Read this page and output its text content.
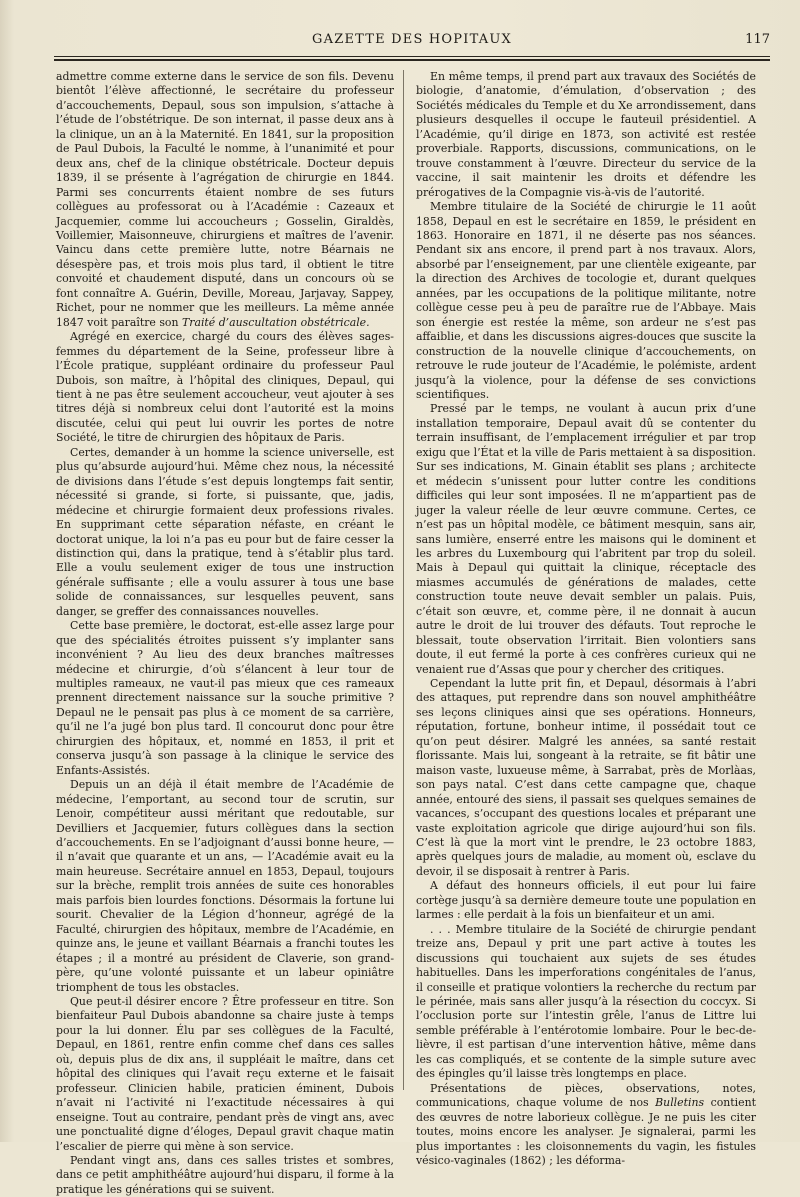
GAZETTE DES HOPITAUX	117

admettre comme externe dans le service de son fils. Devenu bientôt l’élève affectionné, le secrétaire du professeur d’accouchements, Depaul, sous son impulsion, s’attache à l’étude de l’obstétrique. De son internat, il passe deux ans à la clinique, un an à la Maternité. En 1841, sur la proposition de Paul Dubois, la Faculté le nomme, à l’unanimité et pour deux ans, chef de la clinique obstétricale. Docteur depuis 1839, il se présente à l’agrégation de chirurgie en 1844. Parmi ses concurrents étaient nombre de ses futurs collègues au professorat ou à l’Académie : Cazeaux et Jacquemier, comme lui accoucheurs ; Gosselin, Giraldès, Voillemier, Maisonneuve, chirurgiens et maîtres de l’avenir. Vaincu dans cette première lutte, notre Béarnais ne désespère pas, et trois mois plus tard, il obtient le titre convoité et chaudement disputé, dans un concours où se font connaître A. Guérin, Deville, Moreau, Jarjavay, Sappey, Richet, pour ne nommer que les meilleurs. La même année 1847 voit paraître son Traité d’auscultation obstétricale.

Agrégé en exercice, chargé du cours des élèves sages-femmes du département de la Seine, professeur libre à l’École pratique, suppléant ordinaire du professeur Paul Dubois, son maître, à l’hôpital des cliniques, Depaul, qui tient à ne pas être seulement accoucheur, veut ajouter à ses titres déjà si nombreux celui dont l’autorité est la moins discutée, celui qui peut lui ouvrir les portes de notre Société, le titre de chirurgien des hôpitaux de Paris.

Certes, demander à un homme la science universelle, est plus qu’absurde aujourd’hui. Même chez nous, la nécessité de divisions dans l’étude s’est depuis longtemps fait sentir, nécessité si grande, si forte, si puissante, que, jadis, médecine et chirurgie formaient deux professions rivales. En supprimant cette séparation néfaste, en créant le doctorat unique, la loi n’a pas eu pour but de faire cesser la distinction qui, dans la pratique, tend à s’établir plus tard. Elle a voulu seulement exiger de tous une instruction générale suffisante ; elle a voulu assurer à tous une base solide de connaissances, sur lesquelles peuvent, sans danger, se greffer des connaissances nouvelles.

Cette base première, le doctorat, est-elle assez large pour que des spécialités étroites puissent s’y implanter sans inconvénient ? Au lieu des deux branches maîtresses médecine et chirurgie, d’où s’élancent à leur tour de multiples rameaux, ne vaut-il pas mieux que ces rameaux prennent directement naissance sur la souche primitive ? Depaul ne le pensait pas plus à ce moment de sa carrière, qu’il ne l’a jugé bon plus tard. Il concourut donc pour être chirurgien des hôpitaux, et, nommé en 1853, il prit et conserva jusqu’à son passage à la clinique le service des Enfants-Assistés.

Depuis un an déjà il était membre de l’Académie de médecine, l’emportant, au second tour de scrutin, sur Lenoir, compétiteur aussi méritant que redoutable, sur Devilliers et Jacquemier, futurs collègues dans la section d’accouchements. En se l’adjoignant d’aussi bonne heure, — il n’avait que quarante et un ans, — l’Académie avait eu la main heureuse. Secrétaire annuel en 1853, Depaul, toujours sur la brèche, remplit trois années de suite ces honorables mais parfois bien lourdes fonctions. Désormais la fortune lui sourit. Chevalier de la Légion d’honneur, agrégé de la Faculté, chirurgien des hôpitaux, membre de l’Académie, en quinze ans, le jeune et vaillant Béarnais a franchi toutes les étapes ; il a montré au président de Claverie, son grand-père, qu’une volonté puissante et un labeur opiniâtre triomphent de tous les obstacles.

Que peut-il désirer encore ? Être professeur en titre. Son bienfaiteur Paul Dubois abandonne sa chaire juste à temps pour la lui donner. Élu par ses collègues de la Faculté, Depaul, en 1861, rentre enfin comme chef dans ces salles où, depuis plus de dix ans, il suppléait le maître, dans cet hôpital des cliniques qui l’avait reçu externe et le faisait professeur. Clinicien habile, praticien éminent, Dubois n’avait ni l’activité ni l’exactitude nécessaires à qui enseigne. Tout au contraire, pendant près de vingt ans, avec une ponctualité digne d’éloges, Depaul gravit chaque matin l’escalier de pierre qui mène à son service.

Pendant vingt ans, dans ces salles tristes et sombres, dans ce petit amphithéâtre aujourd’hui disparu, il forme à la pratique les générations qui se suivent.

En même temps, il prend part aux travaux des Sociétés de biologie, d’anatomie, d’émulation, d’observation ; des Sociétés médicales du Temple et du Xe arrondissement, dans plusieurs desquelles il occupe le fauteuil présidentiel. A l’Académie, qu’il dirige en 1873, son activité est restée proverbiale. Rapports, discussions, communications, on le trouve constamment à l’œuvre. Directeur du service de la vaccine, il sait maintenir les droits et défendre les prérogatives de la Compagnie vis-à-vis de l’autorité.

Membre titulaire de la Société de chirurgie le 11 août 1858, Depaul en est le secrétaire en 1859, le président en 1863. Honoraire en 1871, il ne déserte pas nos séances. Pendant six ans encore, il prend part à nos travaux. Alors, absorbé par l’enseignement, par une clientèle exigeante, par la direction des Archives de tocologie et, durant quelques années, par les occupations de la politique militante, notre collègue cesse peu à peu de paraître rue de l’Abbaye. Mais son énergie est restée la même, son ardeur ne s’est pas affaiblie, et dans les discussions aigres-douces que suscite la construction de la nouvelle clinique d’accouchements, on retrouve le rude jouteur de l’Académie, le polémiste, ardent jusqu’à la violence, pour la défense de ses convictions scientifiques.

Pressé par le temps, ne voulant à aucun prix d’une installation temporaire, Depaul avait dû se contenter du terrain insuffisant, de l’emplacement irrégulier et par trop exigu que l’État et la ville de Paris mettaient à sa disposition. Sur ses indications, M. Ginain établit ses plans ; architecte et médecin s’unissent pour lutter contre les conditions difficiles qui leur sont imposées. Il ne m’appartient pas de juger la valeur réelle de leur œuvre commune. Certes, ce n’est pas un hôpital modèle, ce bâtiment mesquin, sans air, sans lumière, enserré entre les maisons qui le dominent et les arbres du Luxembourg qui l’abritent par trop du soleil. Mais à Depaul qui quittait la clinique, réceptacle des miasmes accumulés de générations de malades, cette construction toute neuve devait sembler un palais. Puis, c’était son œuvre, et, comme père, il ne donnait à aucun autre le droit de lui trouver des défauts. Tout reproche le blessait, toute observation l’irritait. Bien volontiers sans doute, il eut fermé la porte à ces confrères curieux qui ne venaient rue d’Assas que pour y chercher des critiques.

Cependant la lutte prit fin, et Depaul, désormais à l’abri des attaques, put reprendre dans son nouvel amphithéâtre ses leçons cliniques ainsi que ses opérations. Honneurs, réputation, fortune, bonheur intime, il possédait tout ce qu’on peut désirer. Malgré les années, sa santé restait florissante. Mais lui, songeant à la retraite, se fit bâtir une maison vaste, luxueuse même, à Sarrabat, près de Morlàas, son pays natal. C’est dans cette campagne que, chaque année, entouré des siens, il passait ses quelques semaines de vacances, s’occupant des questions locales et préparant une vaste exploitation agricole que dirige aujourd’hui son fils. C’est là que la mort vint le prendre, le 23 octobre 1883, après quelques jours de maladie, au moment où, esclave du devoir, il se disposait à rentrer à Paris.

A défaut des honneurs officiels, il eut pour lui faire cortège jusqu’à sa dernière demeure toute une population en larmes : elle perdait à la fois un bienfaiteur et un ami.

. . . Membre titulaire de la Société de chirurgie pendant treize ans, Depaul y prit une part active à toutes les discussions qui touchaient aux sujets de ses études habituelles. Dans les imperforations congénitales de l’anus, il conseille et pratique volontiers la recherche du rectum par le périnée, mais sans aller jusqu’à la résection du coccyx. Si l’occlusion porte sur l’intestin grêle, l’anus de Littre lui semble préférable à l’entérotomie lombaire. Pour le bec-de-lièvre, il est partisan d’une intervention hâtive, même dans les cas compliqués, et se contente de la simple suture avec des épingles qu’il laisse très longtemps en place.

Présentations de pièces, observations, notes, communications, chaque volume de nos Bulletins contient des œuvres de notre laborieux collègue. Je ne puis les citer toutes, moins encore les analyser. Je signalerai, parmi les plus importantes : les cloisonnements du vagin, les fistules vésico-vaginales (1862) ; les déforma-
